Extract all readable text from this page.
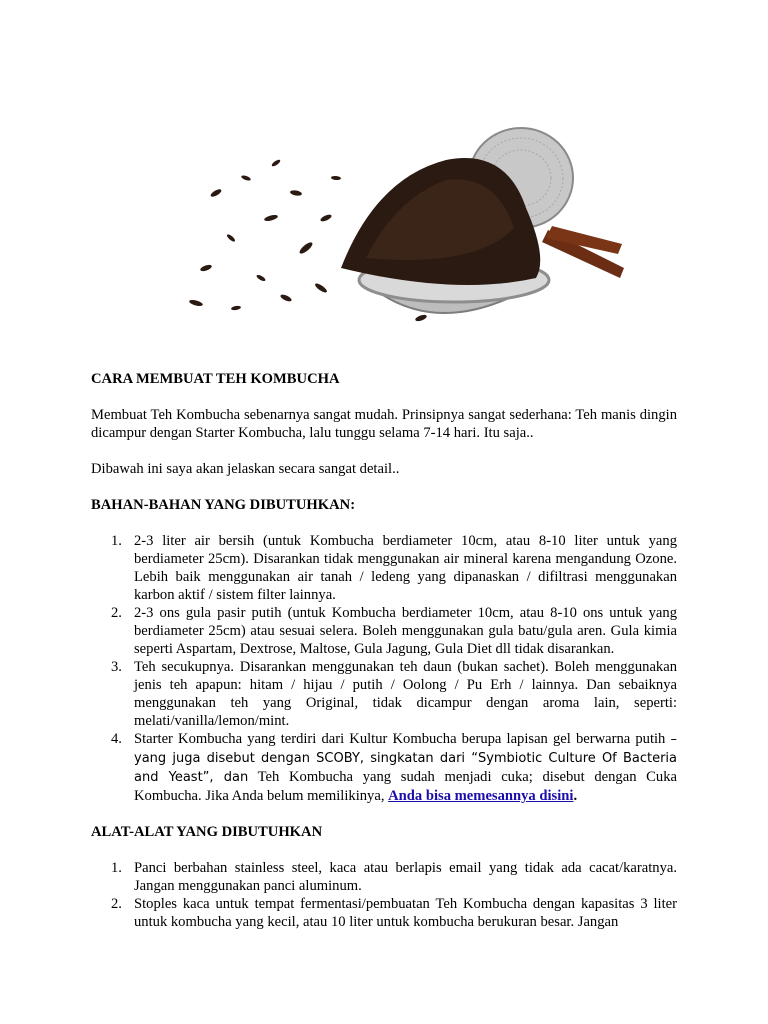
CARA MEMBUAT TEH KOMBUCHA

Membuat Teh Kombucha sebenarnya sangat mudah. Prinsipnya sangat sederhana: Teh manis dingin dicampur dengan Starter Kombucha, lalu tunggu selama 7-14 hari. Itu saja..

Dibawah ini saya akan jelaskan secara sangat detail..

BAHAN-BAHAN YANG DIBUTUHKAN:

1. 2-3 liter air bersih (untuk Kombucha berdiameter 10cm, atau 8-10 liter untuk yang berdiameter 25cm). Disarankan tidak menggunakan air mineral karena mengandung Ozone. Lebih baik menggunakan air tanah / ledeng yang dipanaskan / difiltrasi menggunakan karbon aktif / sistem filter lainnya.
2. 2-3 ons gula pasir putih (untuk Kombucha berdiameter 10cm, atau 8-10 ons untuk yang berdiameter 25cm) atau sesuai selera. Boleh menggunakan gula batu/gula aren. Gula kimia seperti Aspartam, Dextrose, Maltose, Gula Jagung, Gula Diet dll tidak disarankan.
3. Teh secukupnya. Disarankan menggunakan teh daun (bukan sachet). Boleh menggunakan jenis teh apapun: hitam / hijau / putih / Oolong / Pu Erh / lainnya. Dan sebaiknya menggunakan teh yang Original, tidak dicampur dengan aroma lain, seperti: melati/vanilla/lemon/mint.
4. Starter Kombucha yang terdiri dari Kultur Kombucha berupa lapisan gel berwarna putih – yang juga disebut dengan SCOBY, singkatan dari “Symbiotic Culture Of Bacteria and Yeast”, dan Teh Kombucha yang sudah menjadi cuka; disebut dengan Cuka Kombucha. Jika Anda belum memilikinya, Anda bisa memesannya disini.

ALAT-ALAT YANG DIBUTUHKAN

1. Panci berbahan stainless steel, kaca atau berlapis email yang tidak ada cacat/karatnya. Jangan menggunakan panci aluminum.
2. Stoples kaca untuk tempat fermentasi/pembuatan Teh Kombucha dengan kapasitas 3 liter untuk kombucha yang kecil, atau 10 liter untuk kombucha berukuran besar. Jangan
